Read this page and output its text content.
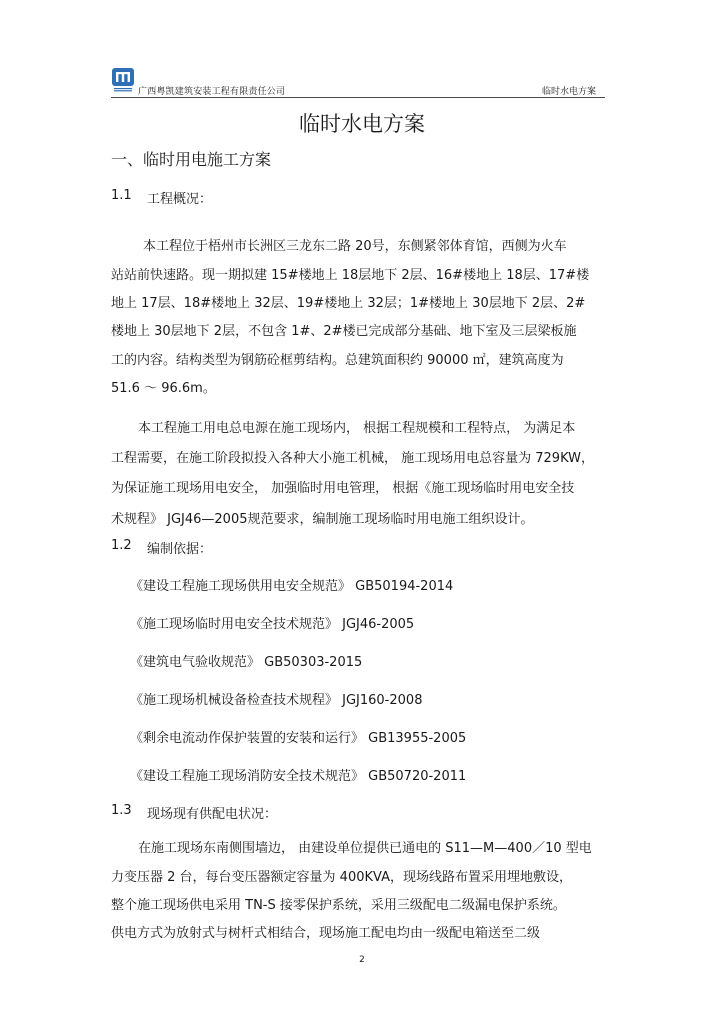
广西粤凯建筑安装工程有限责任公司	临时水电方案
临时水电方案
一、临时用电施工方案
1.1 工程概况：
本工程位于梧州市长洲区三龙东二路 20号，东侧紧邻体育馆，西侧为火车
站站前快速路。现一期拟建 15#楼地上 18层地下 2层、16#楼地上 18层、17#楼
地上 17层、18#楼地上 32层、19#楼地上 32层；1#楼地上 30层地下 2层、2#
楼地上 30层地下 2层，不包含 1#、2#楼已完成部分基础、地下室及三层梁板施
工的内容。结构类型为钢筋砼框剪结构。总建筑面积约 90000 ㎡，建筑高度为
51.6 ～ 96.6m。
本工程施工用电总电源在施工现场内， 根据工程规模和工程特点， 为满足本
工程需要，在施工阶段拟投入各种大小施工机械， 施工现场用电总容量为 729KW，
为保证施工现场用电安全， 加强临时用电管理， 根据《施工现场临时用电安全技
术规程》 JGJ46—2005规范要求，编制施工现场临时用电施工组织设计。
1.2 编制依据：
《建设工程施工现场供用电安全规范》 GB50194-2014
《施工现场临时用电安全技术规范》 JGJ46-2005
《建筑电气验收规范》 GB50303-2015
《施工现场机械设备检查技术规程》 JGJ160-2008
《剩余电流动作保护装置的安装和运行》 GB13955-2005
《建设工程施工现场消防安全技术规范》 GB50720-2011
1.3 现场现有供配电状况：
在施工现场东南侧围墙边， 由建设单位提供已通电的 S11—M—400／10 型电
力变压器 2 台，每台变压器额定容量为 400KVA，现场线路布置采用埋地敷设，
整个施工现场供电采用 TN-S 接零保护系统，采用三级配电二级漏电保护系统。
供电方式为放射式与树杆式相结合，现场施工配电均由一级配电箱送至二级
2
